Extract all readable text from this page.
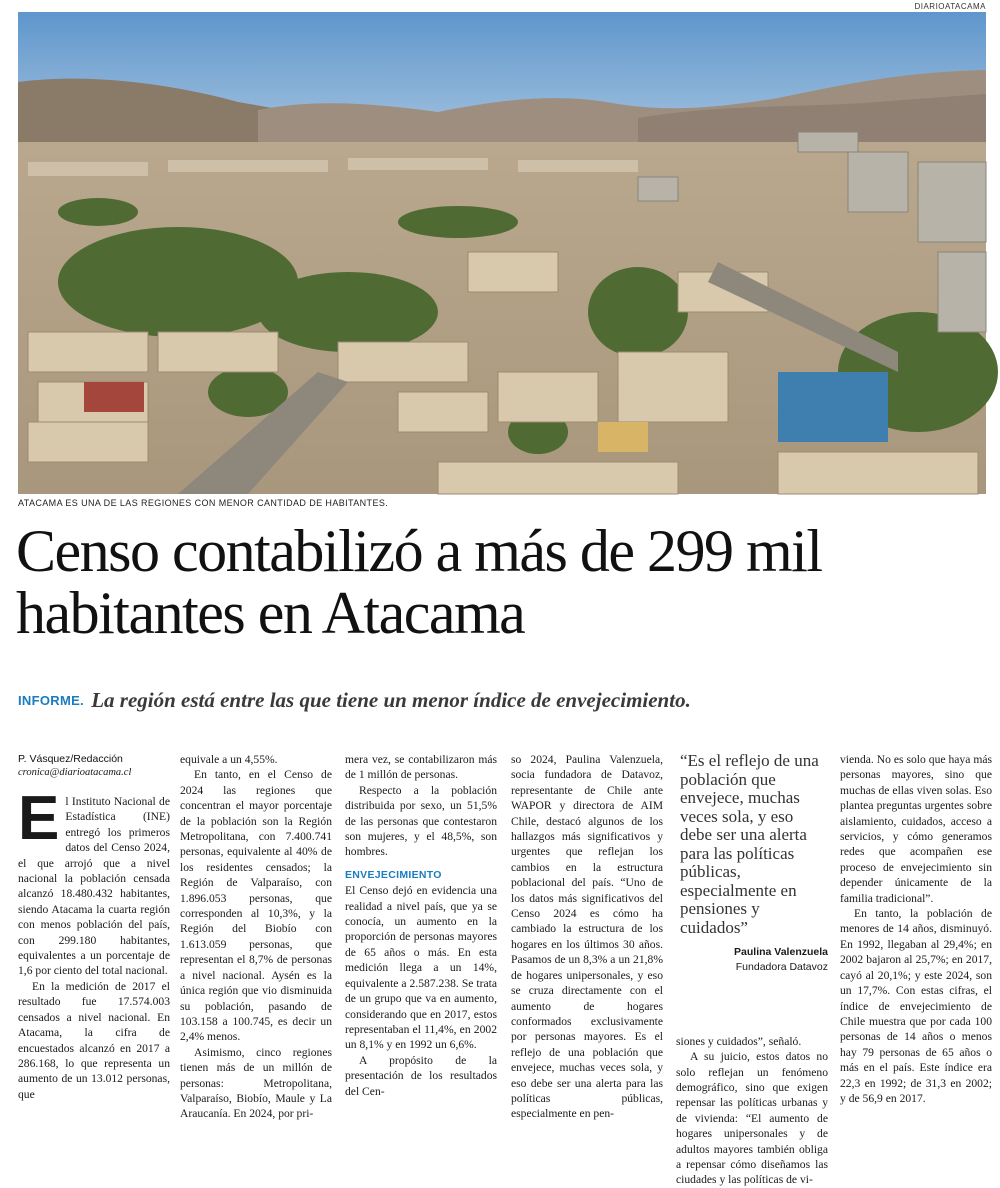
DIARIOATACAMA
ATACAMA ES UNA DE LAS REGIONES CON MENOR CANTIDAD DE HABITANTES.
Censo contabilizó a más de 299 mil habitantes en Atacama
INFORME. La región está entre las que tiene un menor índice de envejecimiento.
P. Vásquez/Redacción
cronica@diarioatacama.cl

El Instituto Nacional de Estadística (INE) entregó los primeros datos del Censo 2024, el que arrojó que a nivel nacional la población censada alcanzó 18.480.432 habitantes, siendo Atacama la cuarta región con menos población del país, con 299.180 habitantes, equivalentes a un porcentaje de 1,6 por ciento del total nacional.

En la medición de 2017 el resultado fue 17.574.003 censados a nivel nacional. En Atacama, la cifra de encuestados alcanzó en 2017 a 286.168, lo que representa un aumento de un 13.012 personas, que

equivale a un 4,55%.

En tanto, en el Censo de 2024 las regiones que concentran el mayor porcentaje de la población son la Región Metropolitana, con 7.400.741 personas, equivalente al 40% de los residentes censados; la Región de Valparaíso, con 1.896.053 personas, que corresponden al 10,3%, y la Región del Biobío con 1.613.059 personas, que representan el 8,7% de personas a nivel nacional. Aysén es la única región que vio disminuida su población, pasando de 103.158 a 100.745, es decir un 2,4% menos.

Asimismo, cinco regiones tienen más de un millón de personas: Metropolitana, Valparaíso, Biobío, Maule y La Araucanía. En 2024, por pri-

mera vez, se contabilizaron más de 1 millón de personas.

Respecto a la población distribuida por sexo, un 51,5% de las personas que contestaron son mujeres, y el 48,5%, son hombres.

ENVEJECIMIENTO

El Censo dejó en evidencia una realidad a nivel país, que ya se conocía, un aumento en la proporción de personas mayores de 65 años o más. En esta medición llega a un 14%, equivalente a 2.587.238. Se trata de un grupo que va en aumento, considerando que en 2017, estos representaban el 11,4%, en 2002 un 8,1% y en 1992 un 6,6%.

A propósito de la presentación de los resultados del Cen-

so 2024, Paulina Valenzuela, socia fundadora de Datavoz, representante de Chile ante WAPOR y directora de AIM Chile, destacó algunos de los hallazgos más significativos y urgentes que reflejan los cambios en la estructura poblacional del país. “Uno de los datos más significativos del Censo 2024 es cómo ha cambiado la estructura de los hogares en los últimos 30 años. Pasamos de un 8,3% a un 21,8% de hogares unipersonales, y eso se cruza directamente con el aumento de hogares conformados exclusivamente por personas mayores. Es el reflejo de una población que envejece, muchas veces sola, y eso debe ser una alerta para las políticas públicas, especialmente en pen-

“Es el reflejo de una población que envejece, muchas veces sola, y eso debe ser una alerta para las políticas públicas, especialmente en pensiones y cuidados”
Paulina Valenzuela
Fundadora Datavoz

siones y cuidados”, señaló.

A su juicio, estos datos no solo reflejan un fenómeno demográfico, sino que exigen repensar las políticas urbanas y de vivienda: “El aumento de hogares unipersonales y de adultos mayores también obliga a repensar cómo diseñamos las ciudades y las políticas de vi-

vienda. No es solo que haya más personas mayores, sino que muchas de ellas viven solas. Eso plantea preguntas urgentes sobre aislamiento, cuidados, acceso a servicios, y cómo generamos redes que acompañen ese proceso de envejecimiento sin depender únicamente de la familia tradicional”.

En tanto, la población de menores de 14 años, disminuyó. En 1992, llegaban al 29,4%; en 2002 bajaron al 25,7%; en 2017, cayó al 20,1%; y este 2024, son un 17,7%. Con estas cifras, el índice de envejecimiento de Chile muestra que por cada 100 personas de 14 años o menos hay 79 personas de 65 años o más en el país. Este índice era 22,3 en 1992; de 31,3 en 2002; y de 56,9 en 2017.
